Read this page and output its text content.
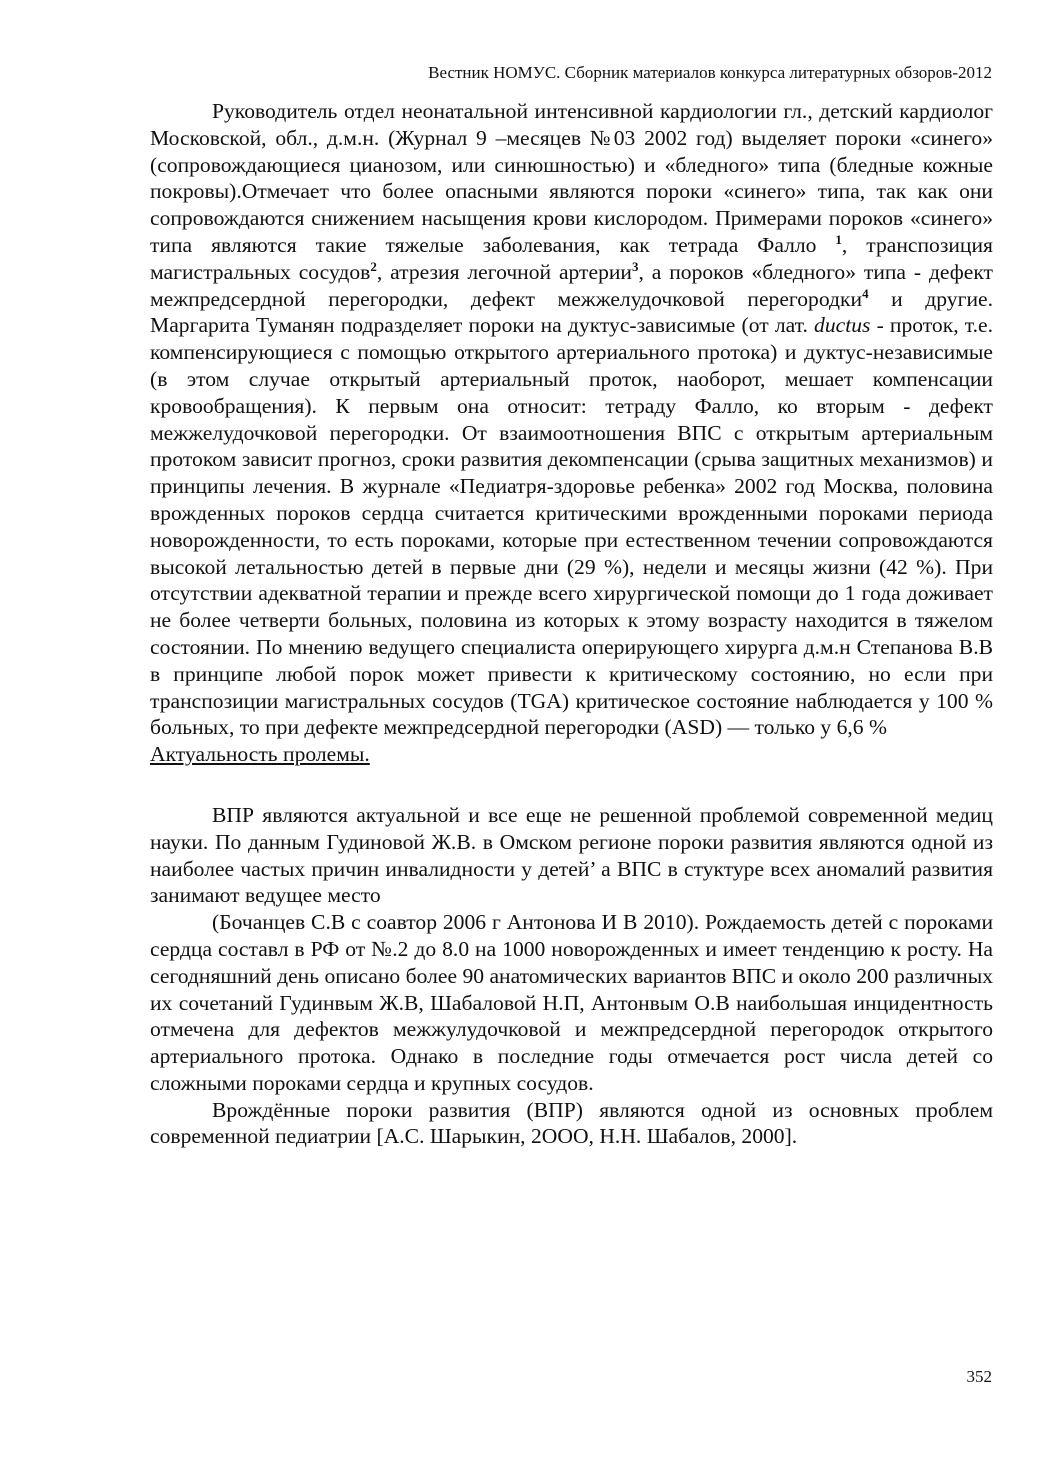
Вестник НОМУС. Сборник материалов конкурса литературных обзоров-2012

Руководитель отдел неонатальной интенсивной кардиологии гл., детский кардиолог Московской, обл., д.м.н. (Журнал 9 –месяцев №03 2002 год) выделяет пороки «синего» (сопровождающиеся цианозом, или синюшностью) и «бледного» типа (бледные кожные покровы).Отмечает что более опасными являются пороки «синего» типа, так как они сопровождаются снижением насыщения крови кислородом. Примерами пороков «синего» типа являются такие тяжелые заболевания, как тетрада Фалло $^1$, транспозиция магистральных сосудов$^2$, атрезия легочной артерии$^3$, а пороков «бледного» типа - дефект межпредсердной перегородки, дефект межжелудочковой перегородки$^4$ и другие. Маргарита Туманян подразделяет пороки на дуктус-зависимые (от лат. ductus - проток, т.е. компенсирующиеся с помощью открытого артериального протока) и дуктус-независимые (в этом случае открытый артериальный проток, наоборот, мешает компенсации кровообращения). К первым она относит: тетраду Фалло, ко вторым - дефект межжелудочковой перегородки. От взаимоотношения ВПС с открытым артериальным протоком зависит прогноз, сроки развития декомпенсации (срыва защитных механизмов) и принципы лечения. В журнале «Педиатря-здоровье ребенка» 2002 год Москва, половина врожденных пороков сердца считается критическими врожденными пороками периода новорожденности, то есть пороками, которые при естественном течении сопровождаются высокой летальностью детей в первые дни (29 %), недели и месяцы жизни (42 %). При отсутствии адекватной терапии и прежде всего хирургической помощи до 1 года доживает не более четверти больных, половина из которых к этому возрасту находится в тяжелом состоянии. По мнению ведущего специалиста оперирующего хирурга д.м.н Степанова В.В в принципе любой порок может привести к критическому состоянию, но если при транспозиции магистральных сосудов (TGA) критическое состояние наблюдается у 100 % больных, то при дефекте межпредсердной перегородки (ASD) — только у 6,6 %

Актуальность пролемы.

ВПР являются актуальной и все еще не решенной проблемой современной медиц науки. По данным Гудиновой Ж.В. в Омском регионе пороки развития являются одной из наиболее частых причин инвалидности у детей’ а ВПС в стуктуре всех аномалий развития занимают ведущее место

(Бочанцев С.В с соавтор 2006 г Антонова И В 2010). Рождаемость детей с пороками сердца составл в РФ от №.2 до 8.0 на 1000 новорожденных и имеет тенденцию к росту. На сегодняшний день описано более 90 анатомических вариантов ВПС и около 200 различных их сочетаний Гудинвым Ж.В, Шабаловой Н.П, Антонвым О.В наибольшая инцидентность отмечена для дефектов межжулудочковой и межпредсердной перегородок открытого артериального протока. Однако в последние годы отмечается рост числа детей со сложными пороками сердца и крупных сосудов.

Врождённые пороки развития (ВПР) являются одной из основных проблем современной педиатрии [А.С. Шарыкин, 2ООО, Н.Н. Шабалов, 2000].

352
